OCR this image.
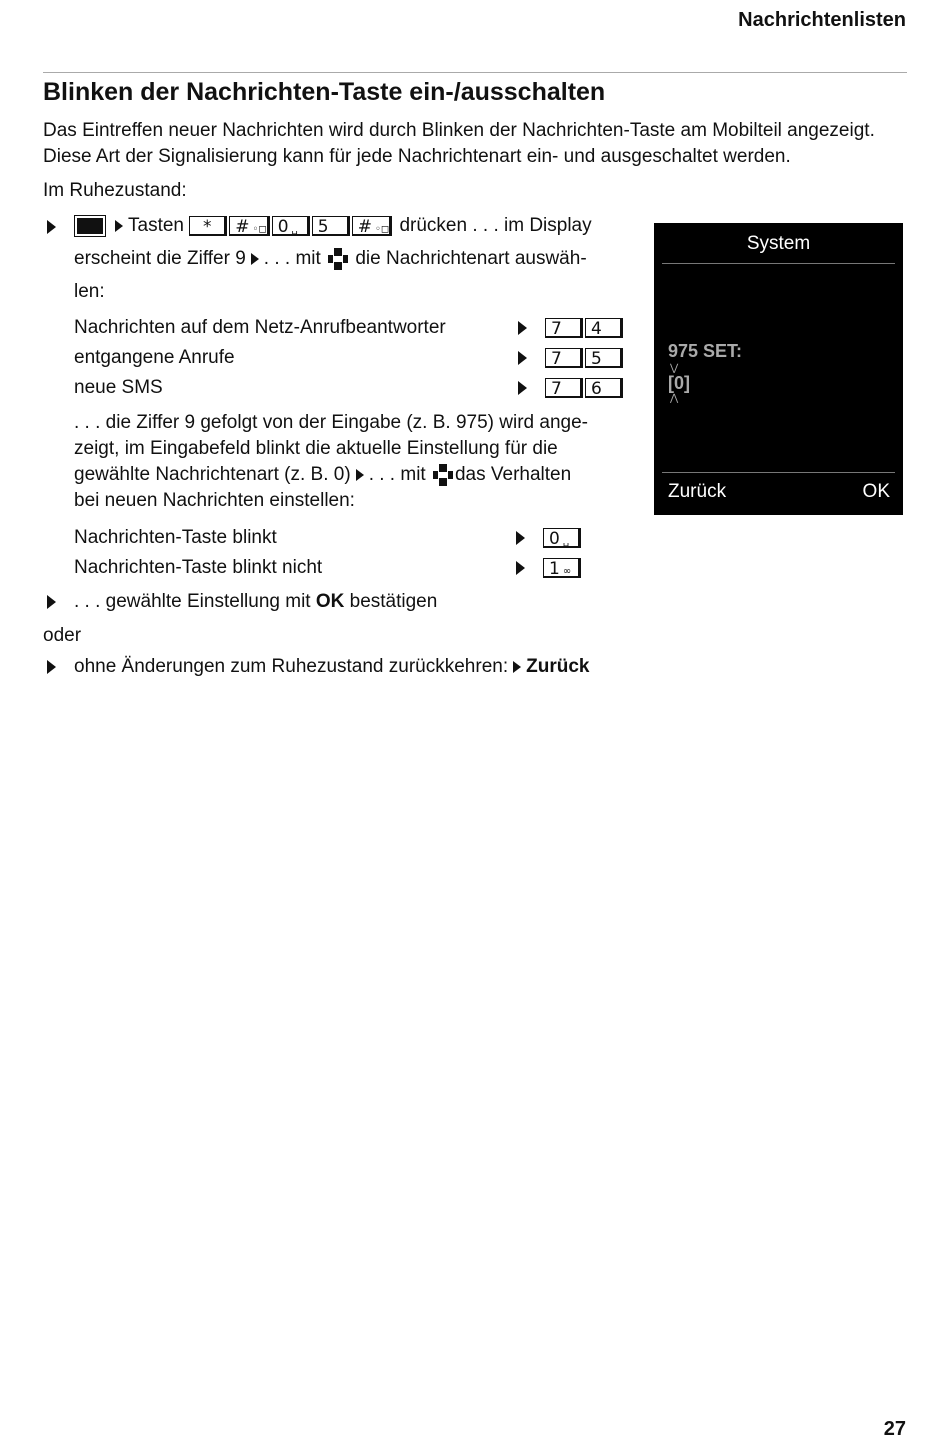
Nachrichtenlisten
Blinken der Nachrichten-Taste ein-/ausschalten
Das Eintreffen neuer Nachrichten wird durch Blinken der Nachrichten-Taste am Mobilteil angezeigt. Diese Art der Signalisierung kann für jede Nachrichtenart ein- und ausgeschaltet werden.
Im Ruhezustand:
Tasten * # ◦◻ 0 ␣ 5 # ◦◻ drücken . . . im Display
erscheint die Ziffer 9 . . . mit die Nachrichtenart auswäh-
len:
Nachrichten auf dem Netz-Anrufbeantworter	7 4
entgangene Anrufe	7 5
neue SMS	7 6
. . . die Ziffer 9 gefolgt von der Eingabe (z. B. 975) wird ange-
zeigt, im Eingabefeld blinkt die aktuelle Einstellung für die
gewählte Nachrichtenart (z. B. 0) . . . mit das Verhalten
bei neuen Nachrichten einstellen:
Nachrichten-Taste blinkt	0 ␣
Nachrichten-Taste blinkt nicht	1 ∞
. . . gewählte Einstellung mit OK bestätigen
oder
ohne Änderungen zum Ruhezustand zurückkehren: Zurück
System
975 SET:
⋁
[0]
⋀
Zurück	OK
27
